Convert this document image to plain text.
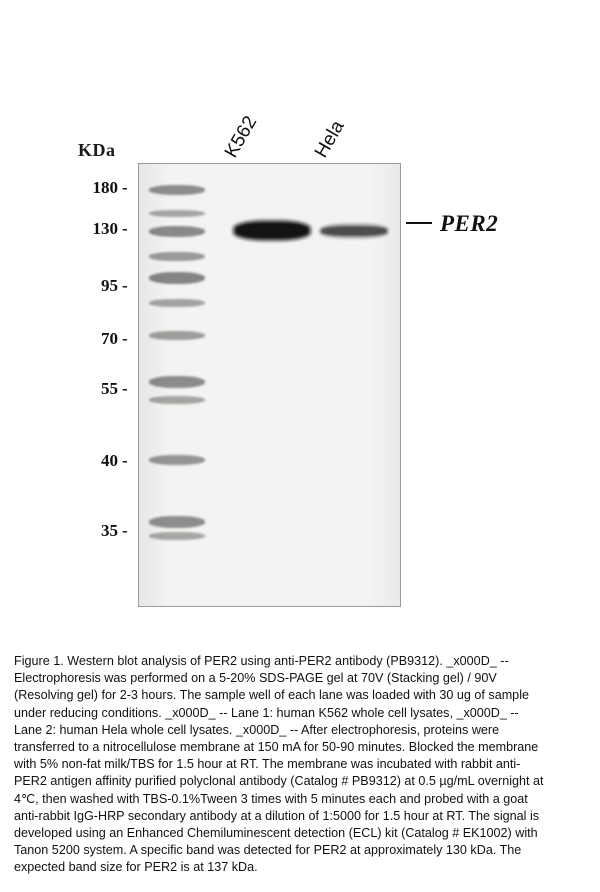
KDa	K562	Hela
180 -
130 -
95 -
70 -
55 -
40 -
35 -
PER2
Figure 1. Western blot analysis of PER2 using anti-PER2 antibody (PB9312). _x000D_ -- Electrophoresis was performed on a 5-20% SDS-PAGE gel at 70V (Stacking gel) / 90V (Resolving gel) for 2-3 hours. The sample well of each lane was loaded with 30 ug of sample under reducing conditions. _x000D_ -- Lane 1: human K562 whole cell lysates, _x000D_ -- Lane 2: human Hela whole cell lysates. _x000D_ -- After electrophoresis, proteins were transferred to a nitrocellulose membrane at 150 mA for 50-90 minutes. Blocked the membrane with 5% non-fat milk/TBS for 1.5 hour at RT. The membrane was incubated with rabbit anti-PER2 antigen affinity purified polyclonal antibody (Catalog # PB9312) at 0.5 µg/mL overnight at 4℃, then washed with TBS-0.1%Tween 3 times with 5 minutes each and probed with a goat anti-rabbit IgG-HRP secondary antibody at a dilution of 1:5000 for 1.5 hour at RT. The signal is developed using an Enhanced Chemiluminescent detection (ECL) kit (Catalog # EK1002) with Tanon 5200 system. A specific band was detected for PER2 at approximately 130 kDa. The expected band size for PER2 is at 137 kDa.
